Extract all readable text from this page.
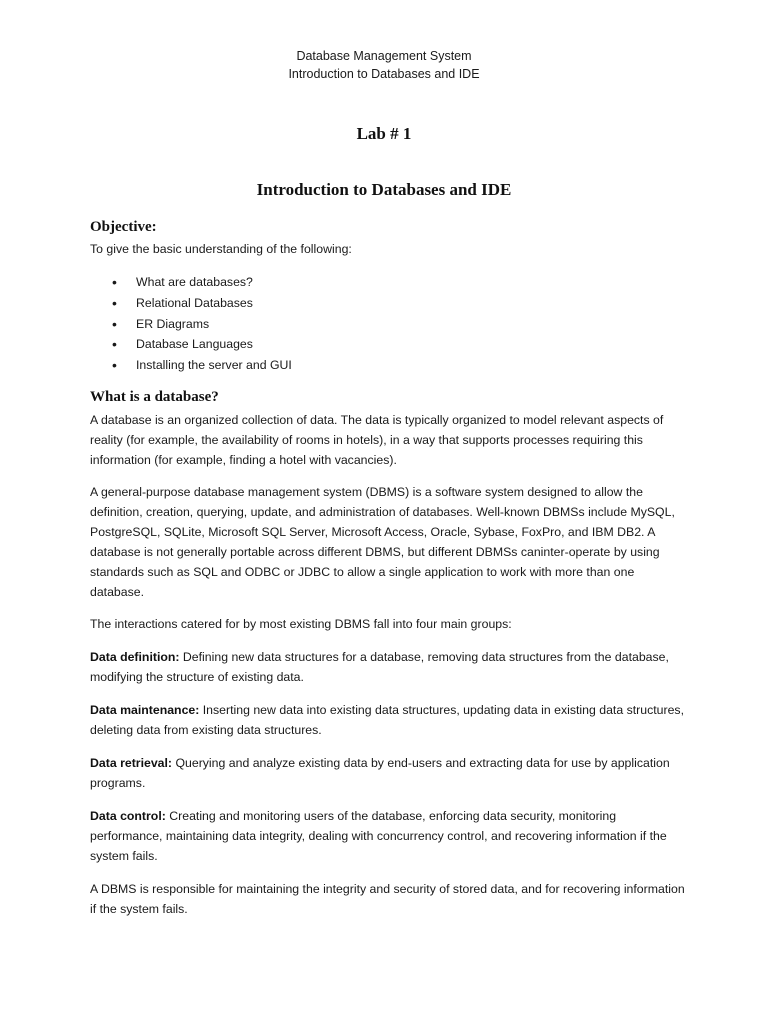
Database Management System
Introduction to Databases and IDE
Lab # 1
Introduction to Databases and IDE
Objective:
To give the basic understanding of the following:
• What are databases?
• Relational Databases
• ER Diagrams
• Database Languages
• Installing the server and GUI
What is a database?
A database is an organized collection of data. The data is typically organized to model relevant aspects of reality (for example, the availability of rooms in hotels), in a way that supports processes requiring this information (for example, finding a hotel with vacancies).
A general-purpose database management system (DBMS) is a software system designed to allow the definition, creation, querying, update, and administration of databases. Well-known DBMSs include MySQL, PostgreSQL, SQLite, Microsoft SQL Server, Microsoft Access, Oracle, Sybase, FoxPro, and IBM DB2. A database is not generally portable across different DBMS, but different DBMSs caninter-operate by using standards such as SQL and ODBC or JDBC to allow a single application to work with more than one database.
The interactions catered for by most existing DBMS fall into four main groups:
Data definition: Defining new data structures for a database, removing data structures from the database, modifying the structure of existing data.
Data maintenance: Inserting new data into existing data structures, updating data in existing data structures, deleting data from existing data structures.
Data retrieval: Querying and analyze existing data by end-users and extracting data for use by application programs.
Data control: Creating and monitoring users of the database, enforcing data security, monitoring performance, maintaining data integrity, dealing with concurrency control, and recovering information if the system fails.
A DBMS is responsible for maintaining the integrity and security of stored data, and for recovering information if the system fails.
